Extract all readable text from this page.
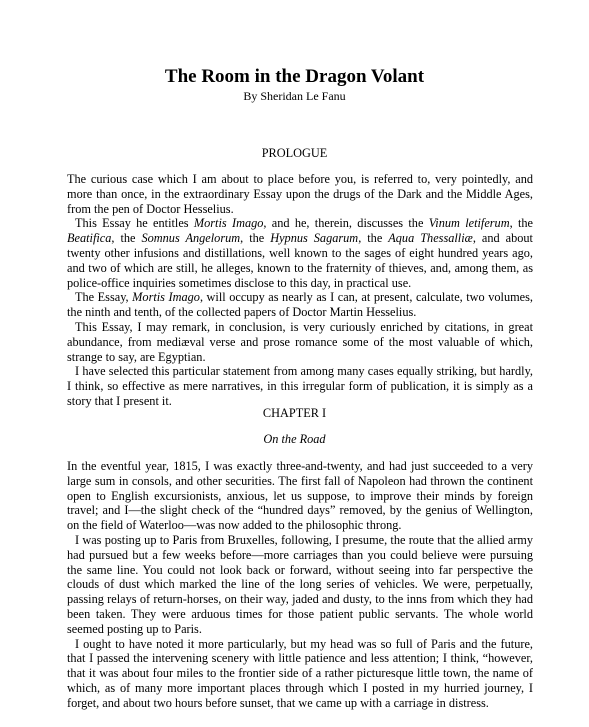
The Room in the Dragon Volant
By Sheridan Le Fanu
PROLOGUE

The curious case which I am about to place before you, is referred to, very pointedly, and more than once, in the extraordinary Essay upon the drugs of the Dark and the Middle Ages, from the pen of Doctor Hesselius.

This Essay he entitles Mortis Imago, and he, therein, discusses the Vinum letiferum, the Beatifica, the Somnus Angelorum, the Hypnus Sagarum, the Aqua Thessalliæ, and about twenty other infusions and distillations, well known to the sages of eight hundred years ago, and two of which are still, he alleges, known to the fraternity of thieves, and, among them, as police-office inquiries sometimes disclose to this day, in practical use.

The Essay, Mortis Imago, will occupy as nearly as I can, at present, calculate, two volumes, the ninth and tenth, of the collected papers of Doctor Martin Hesselius.

This Essay, I may remark, in conclusion, is very curiously enriched by citations, in great abundance, from mediæval verse and prose romance some of the most valuable of which, strange to say, are Egyptian.

I have selected this particular statement from among many cases equally striking, but hardly, I think, so effective as mere narratives, in this irregular form of publication, it is simply as a story that I present it.

CHAPTER I
On the Road

In the eventful year, 1815, I was exactly three-and-twenty, and had just succeeded to a very large sum in consols, and other securities. The first fall of Napoleon had thrown the continent open to English excursionists, anxious, let us suppose, to improve their minds by foreign travel; and I—the slight check of the “hundred days” removed, by the genius of Wellington, on the field of Waterloo—was now added to the philosophic throng.

I was posting up to Paris from Bruxelles, following, I presume, the route that the allied army had pursued but a few weeks before—more carriages than you could believe were pursuing the same line. You could not look back or forward, without seeing into far perspective the clouds of dust which marked the line of the long series of vehicles. We were, perpetually, passing relays of return-horses, on their way, jaded and dusty, to the inns from which they had been taken. They were arduous times for those patient public servants. The whole world seemed posting up to Paris.

I ought to have noted it more particularly, but my head was so full of Paris and the future, that I passed the intervening scenery with little patience and less attention; I think, “however, that it was about four miles to the frontier side of a rather picturesque little town, the name of which, as of many more important places through which I posted in my hurried journey, I forget, and about two hours before sunset, that we came up with a carriage in distress.
